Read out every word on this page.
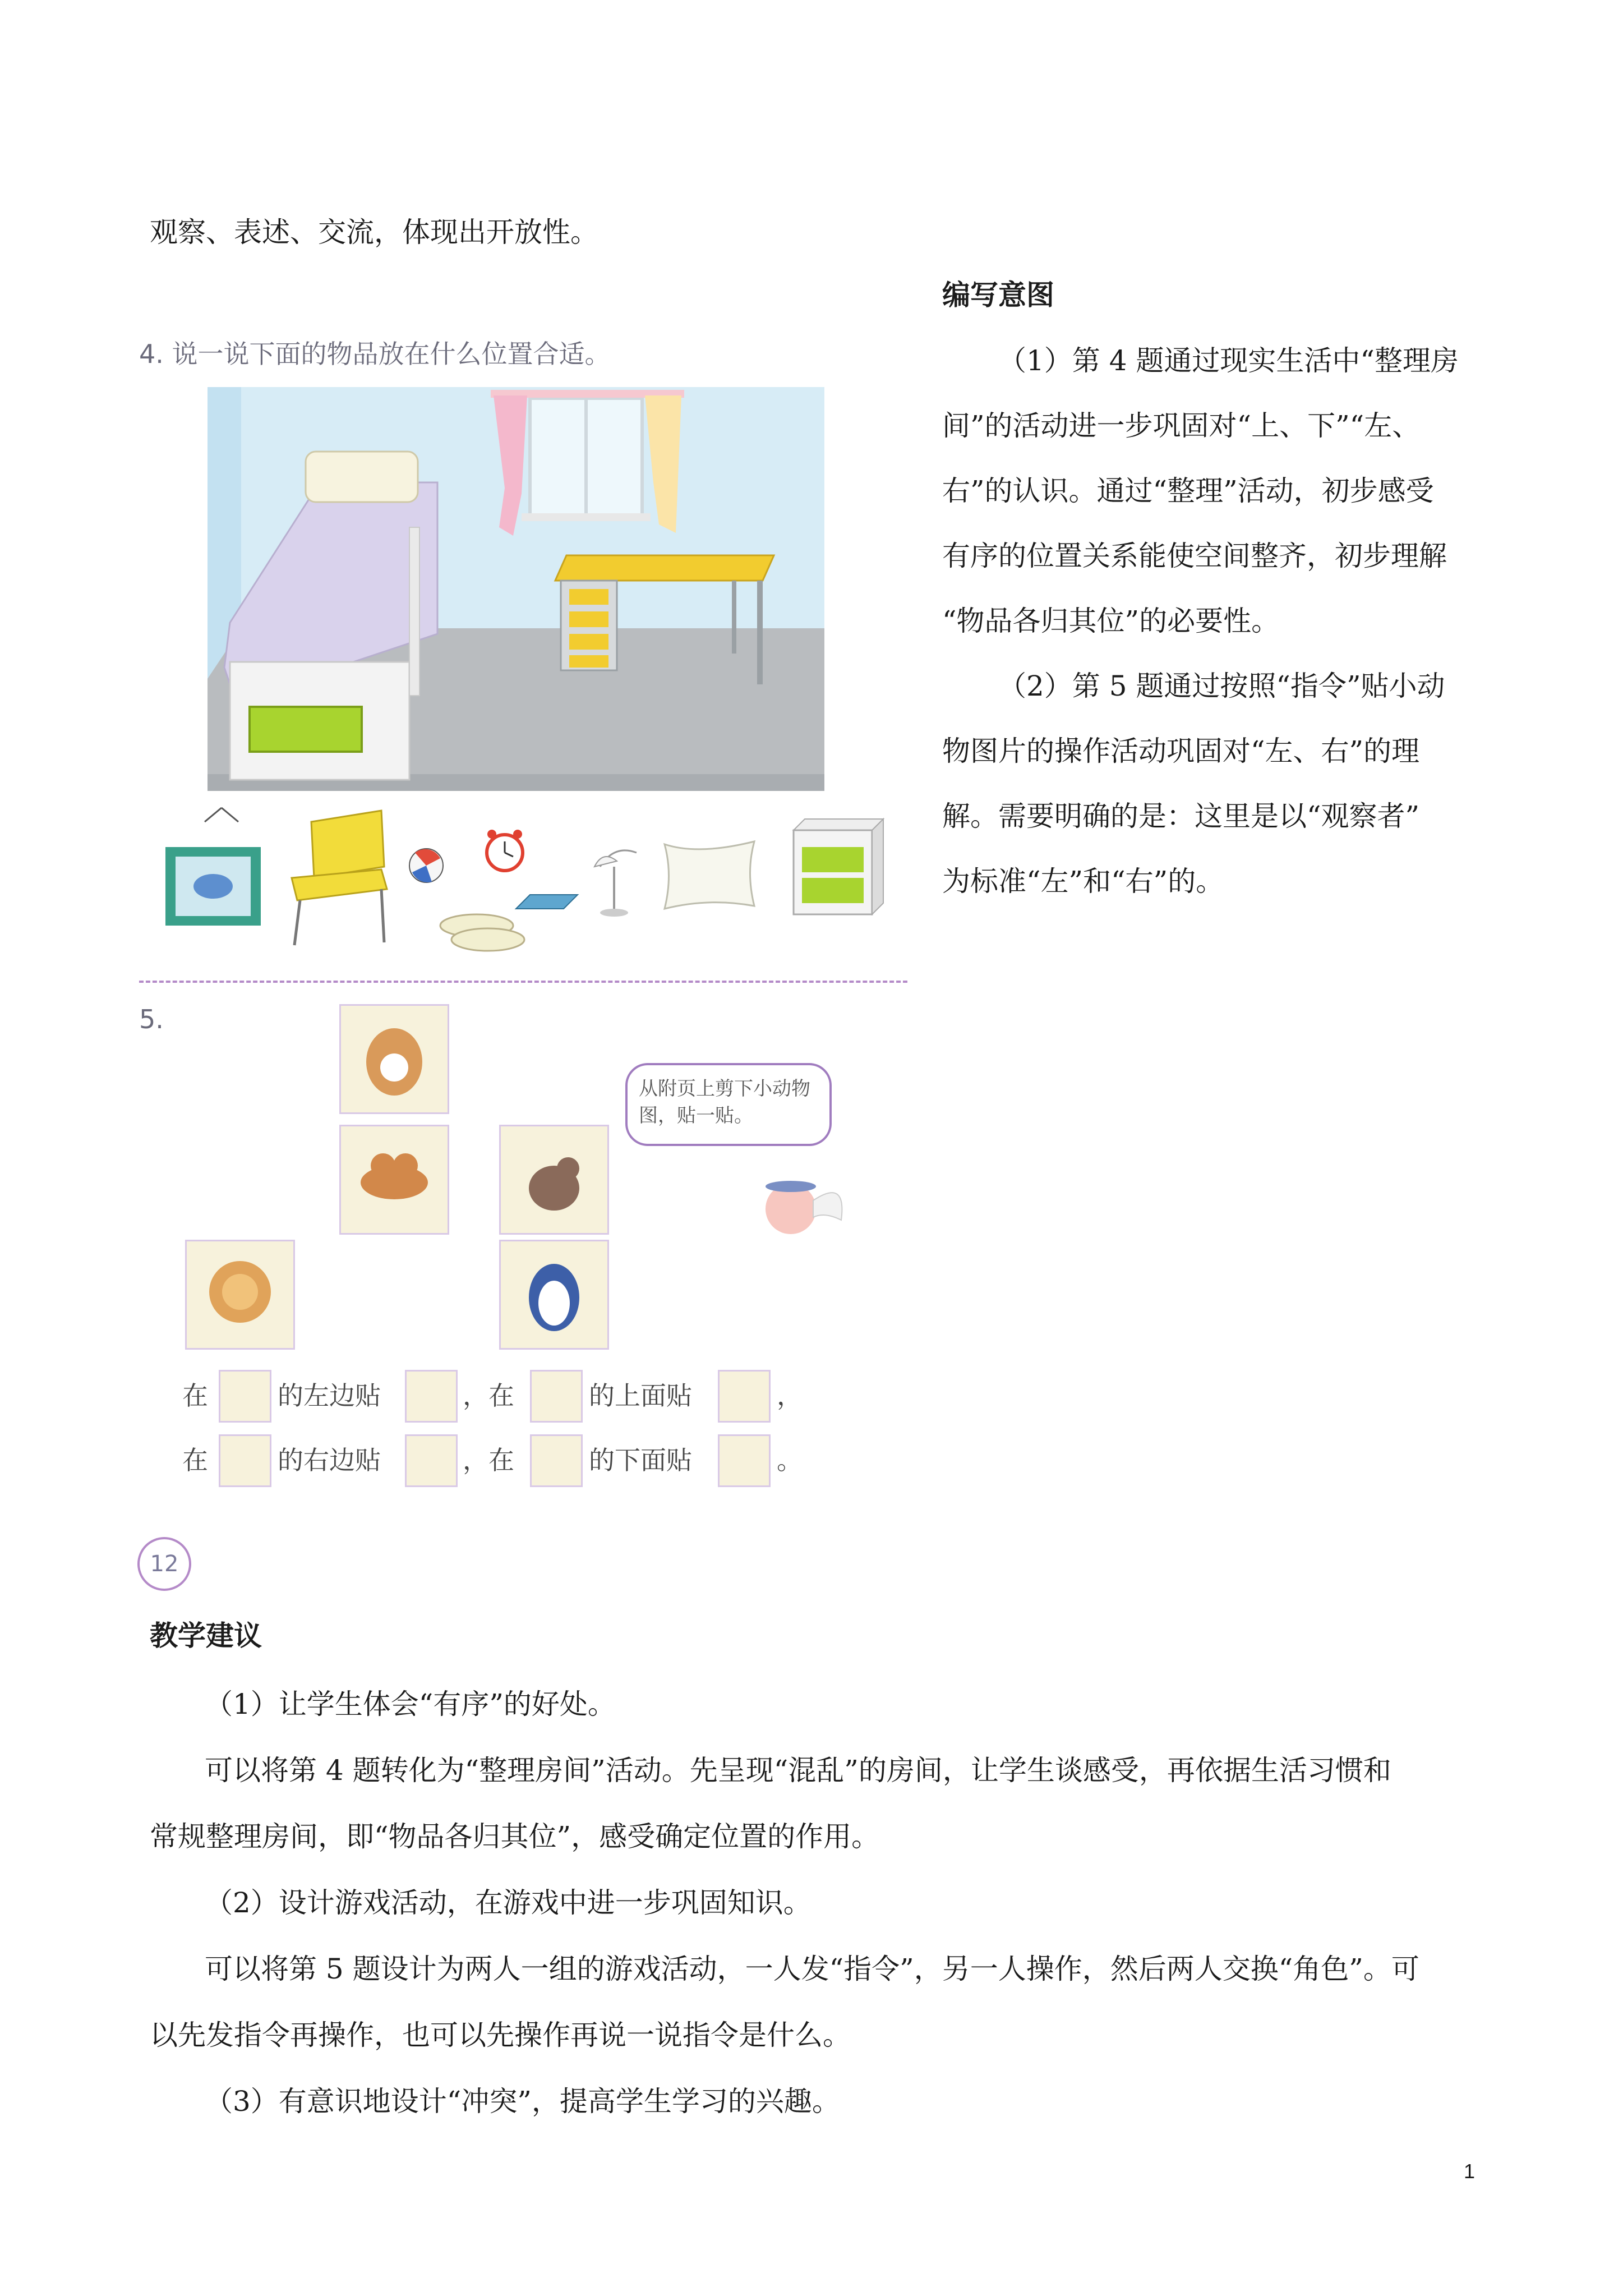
观察、表述、交流，体现出开放性。
4. 说一说下面的物品放在什么位置合适。
5.
从附页上剪下小动物图，贴一贴。
在	的左边贴	，在	的上面贴	，
在	的右边贴	，在	的下面贴	。
12
编写意图
（1）第 4 题通过现实生活中“整理房
间”的活动进一步巩固对“上、下”“左、
右”的认识。通过“整理”活动，初步感受
有序的位置关系能使空间整齐，初步理解
“物品各归其位”的必要性。
（2）第 5 题通过按照“指令”贴小动
物图片的操作活动巩固对“左、右”的理
解。需要明确的是：这里是以“观察者”
为标准“左”和“右”的。
教学建议
（1）让学生体会“有序”的好处。
可以将第 4 题转化为“整理房间”活动。先呈现“混乱”的房间，让学生谈感受，再依据生活习惯和
常规整理房间，即“物品各归其位”，感受确定位置的作用。
（2）设计游戏活动，在游戏中进一步巩固知识。
可以将第 5 题设计为两人一组的游戏活动，一人发“指令”，另一人操作，然后两人交换“角色”。可
以先发指令再操作，也可以先操作再说一说指令是什么。
（3）有意识地设计“冲突”，提高学生学习的兴趣。
1
